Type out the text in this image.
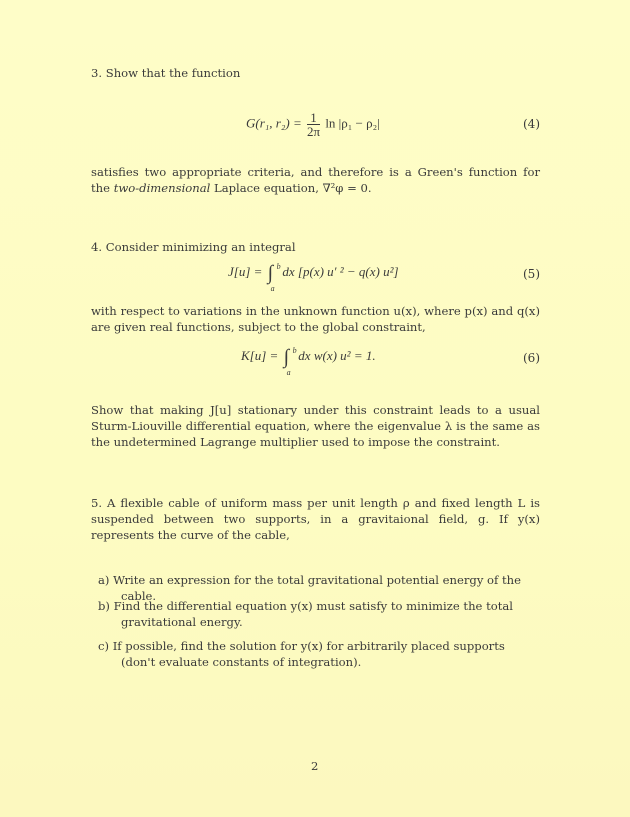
3. Show that the function
G(r₁, $r_2) = \frac{1}{2\pi}$ ln |ρ₁ − ρ₂|	(4)
satisfies two appropriate criteria, and therefore is a Green's function for the two-dimensional Laplace equation, ∇²φ = 0.
4. Consider minimizing an integral
J[u] = ∫ b
a
dx [p(x) u′ ² − q(x) u²]	(5)
with respect to variations in the unknown function u(x), where p(x) and q(x) are given real functions, subject to the global constraint,
K[u] = ∫ b
a
dx w(x) u² = 1.	(6)
Show that making J[u] stationary under this constraint leads to a usual Sturm-Liouville differential equation, where the eigenvalue λ is the same as the undetermined Lagrange multiplier used to impose the constraint.
5. A flexible cable of uniform mass per unit length ρ and fixed length L is suspended between two supports, in a gravitaional field, g. If y(x) represents the curve of the cable,
a) Write an expression for the total gravitational potential energy of the cable.
b) Find the differential equation y(x) must satisfy to minimize the total gravitational energy.
c) If possible, find the solution for y(x) for arbitrarily placed supports (don't evaluate constants of integration).
2
